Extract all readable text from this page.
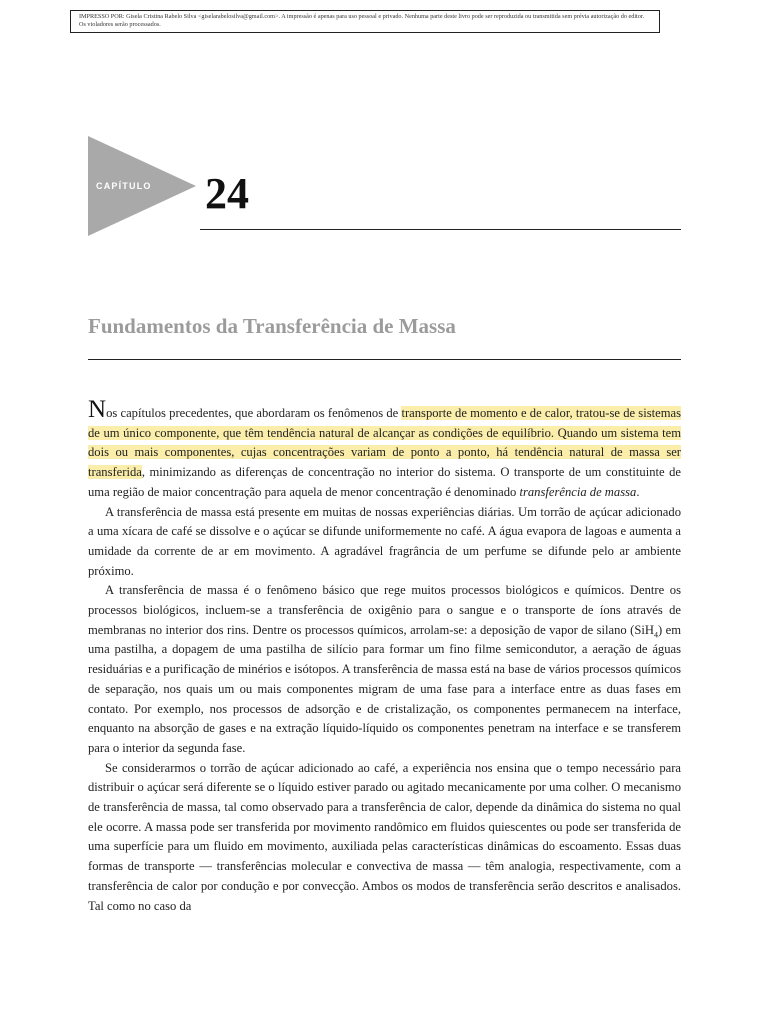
IMPRESSO POR: Gisela Cristina Rabelo Silva <giselarabelosilva@gmail.com>. A impressão é apenas para uso pessoal e privado. Nenhuma parte deste livro pode ser reproduzida ou transmitida sem prévia autorização do editor. Os violadores serão processados.
CAPÍTULO 24
Fundamentos da Transferência de Massa

Nos capítulos precedentes, que abordaram os fenômenos de transporte de momento e de calor, tratou-se de sistemas de um único componente, que têm tendência natural de alcançar as condições de equilíbrio. Quando um sistema tem dois ou mais componentes, cujas concentrações variam de ponto a ponto, há tendência natural de massa ser transferida, minimizando as diferenças de concentração no interior do sistema. O transporte de um constituinte de uma região de maior concentração para aquela de menor concentração é denominado transferência de massa.

A transferência de massa está presente em muitas de nossas experiências diárias. Um torrão de açúcar adicionado a uma xícara de café se dissolve e o açúcar se difunde uniformemente no café. A água evapora de lagoas e aumenta a umidade da corrente de ar em movimento. A agradável fragrância de um perfume se difunde pelo ar ambiente próximo.

A transferência de massa é o fenômeno básico que rege muitos processos biológicos e químicos. Dentre os processos biológicos, incluem-se a transferência de oxigênio para o sangue e o transporte de íons através de membranas no interior dos rins. Dentre os processos químicos, arrolam-se: a deposição de vapor de silano (SiH$_4$) em uma pastilha, a dopagem de uma pastilha de silício para formar um fino filme semicondutor, a aeração de águas residuárias e a purificação de minérios e isótopos. A transferência de massa está na base de vários processos químicos de separação, nos quais um ou mais componentes migram de uma fase para a interface entre as duas fases em contato. Por exemplo, nos processos de adsorção e de cristalização, os componentes permanecem na interface, enquanto na absorção de gases e na extração líquido-líquido os componentes penetram na interface e se transferem para o interior da segunda fase.

Se considerarmos o torrão de açúcar adicionado ao café, a experiência nos ensina que o tempo necessário para distribuir o açúcar será diferente se o líquido estiver parado ou agitado mecanicamente por uma colher. O mecanismo de transferência de massa, tal como observado para a transferência de calor, depende da dinâmica do sistema no qual ele ocorre. A massa pode ser transferida por movimento randômico em fluidos quiescentes ou pode ser transferida de uma superfície para um fluido em movimento, auxiliada pelas características dinâmicas do escoamento. Essas duas formas de transporte — transferências molecular e convectiva de massa — têm analogia, respectivamente, com a transferência de calor por condução e por convecção. Ambos os modos de transferência serão descritos e analisados. Tal como no caso da
